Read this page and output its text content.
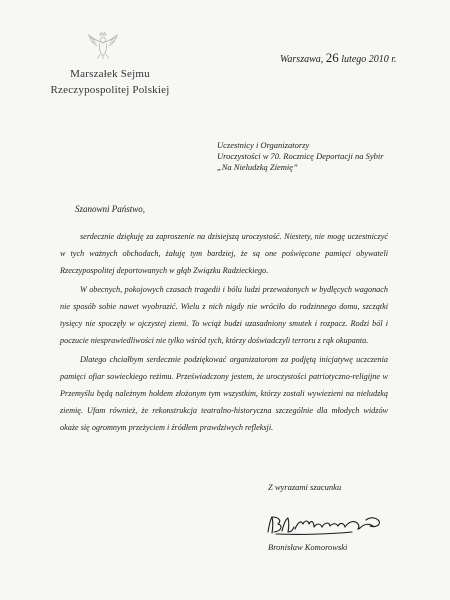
Marszałek Sejmu
Rzeczypospolitej Polskiej
Warszawa, 26 lutego 2010 r.
Uczestnicy i Organizatorzy
Uroczystości w 70. Rocznicę Deportacji na Sybir
„Na Nieludzką Ziemię”
Szanowni Państwo,

serdecznie dziękuję za zaproszenie na dzisiejszą uroczystość. Niestety, nie mogę uczestniczyć w tych ważnych obchodach, żałuję tym bardziej, że są one poświęcone pamięci obywateli Rzeczypospolitej deportowanych w głąb Związku Radzieckiego.

W obecnych, pokojowych czasach tragedii i bólu ludzi przewożonych w bydlęcych wagonach nie sposób sobie nawet wyobrazić. Wielu z nich nigdy nie wróciło do rodzinnego domu, szczątki tysięcy nie spoczęły w ojczystej ziemi. To wciąż budzi uzasadniony smutek i rozpacz. Rodzi ból i poczucie niesprawiedliwości nie tylko wśród tych, którzy doświadczyli terroru z rąk okupanta.

Dlatego chciałbym serdecznie podziękować organizatorom za podjętą inicjatywę uczczenia pamięci ofiar sowieckiego reżimu. Przeświadczony jestem, że uroczystości patriotyczno-religijne w Przemyślu będą należnym hołdem złożonym tym wszystkim, którzy zostali wywiezieni na nieludzką ziemię. Ufam również, że rekonstrukcja teatralno-historyczna szczególnie dla młodych widzów okaże się ogromnym przeżyciem i źródłem prawdziwych refleksji.

Z wyrazami szacunku
Bronisław Komorowski
